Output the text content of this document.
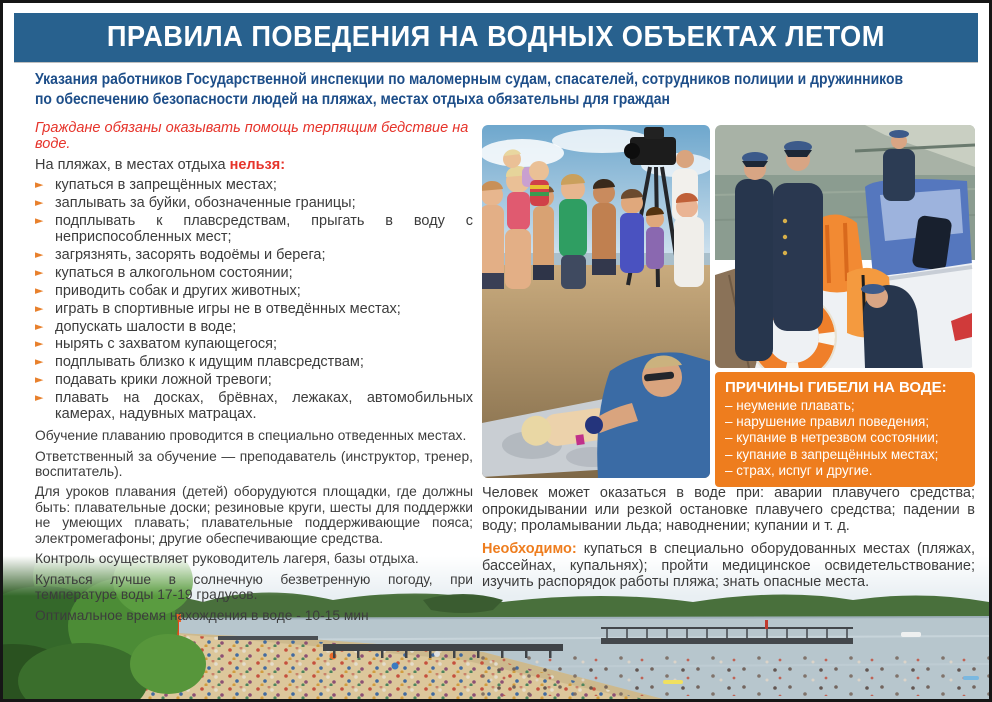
ПРАВИЛА ПОВЕДЕНИЯ НА ВОДНЫХ ОБЪЕКТАХ ЛЕТОМ
Указания работников Государственной инспекции по маломерным судам, спасателей, сотрудников полиции и дружинников
по обеспечению безопасности людей на пляжах, местах отдыха обязательны для граждан

Граждане обязаны оказывать помощь терпящим бедствие на воде.

На пляжах, в местах отдыха нельзя:

► купаться в запрещённых местах;
► заплывать за буйки, обозначенные границы;
► подплывать к плавсредствам, прыгать в воду с неприспособленных мест;
► загрязнять, засорять водоёмы и берега;
► купаться в алкогольном состоянии;
► приводить собак и других животных;
► играть в спортивные игры не в отведённых местах;
► допускать шалости в воде;
► нырять с захватом купающегося;
► подплывать близко к идущим плавсредствам;
► подавать крики ложной тревоги;
► плавать на досках, брёвнах, лежаках, автомобильных камерах, надувных матрацах.

Обучение плаванию проводится в специально отведенных местах.

Ответственный за обучение — преподаватель (инструктор, тренер, воспитатель).

Для уроков плавания (детей) оборудуются площадки, где должны быть: плавательные доски; резиновые круги, шесты для поддержки не умеющих плавать; плавательные поддерживающие пояса; электромегафоны; другие обеспечивающие средства.

Контроль осуществляет руководитель лагеря, базы отдыха.

Купаться лучше в солнечную безветренную погоду, при температуре воды 17-19 градусов.

Оптимальное время нахождения в воде - 10-15 мин

ПРИЧИНЫ ГИБЕЛИ НА ВОДЕ:
– неумение плавать;
– нарушение правил поведения;
– купание в нетрезвом состоянии;
– купание в запрещённых местах;
– страх, испуг и другие.

Человек может оказаться в воде при: аварии плавучего средства; опрокидывании или резкой остановке плавучего средства; падении в воду; проламывании льда; наводнении; купании и т. д.

Необходимо: купаться в специально оборудованных местах (пляжах, бассейнах, купальнях); пройти медицинское освидетельствование; изучить распорядок работы пляжа; знать опасные места.
